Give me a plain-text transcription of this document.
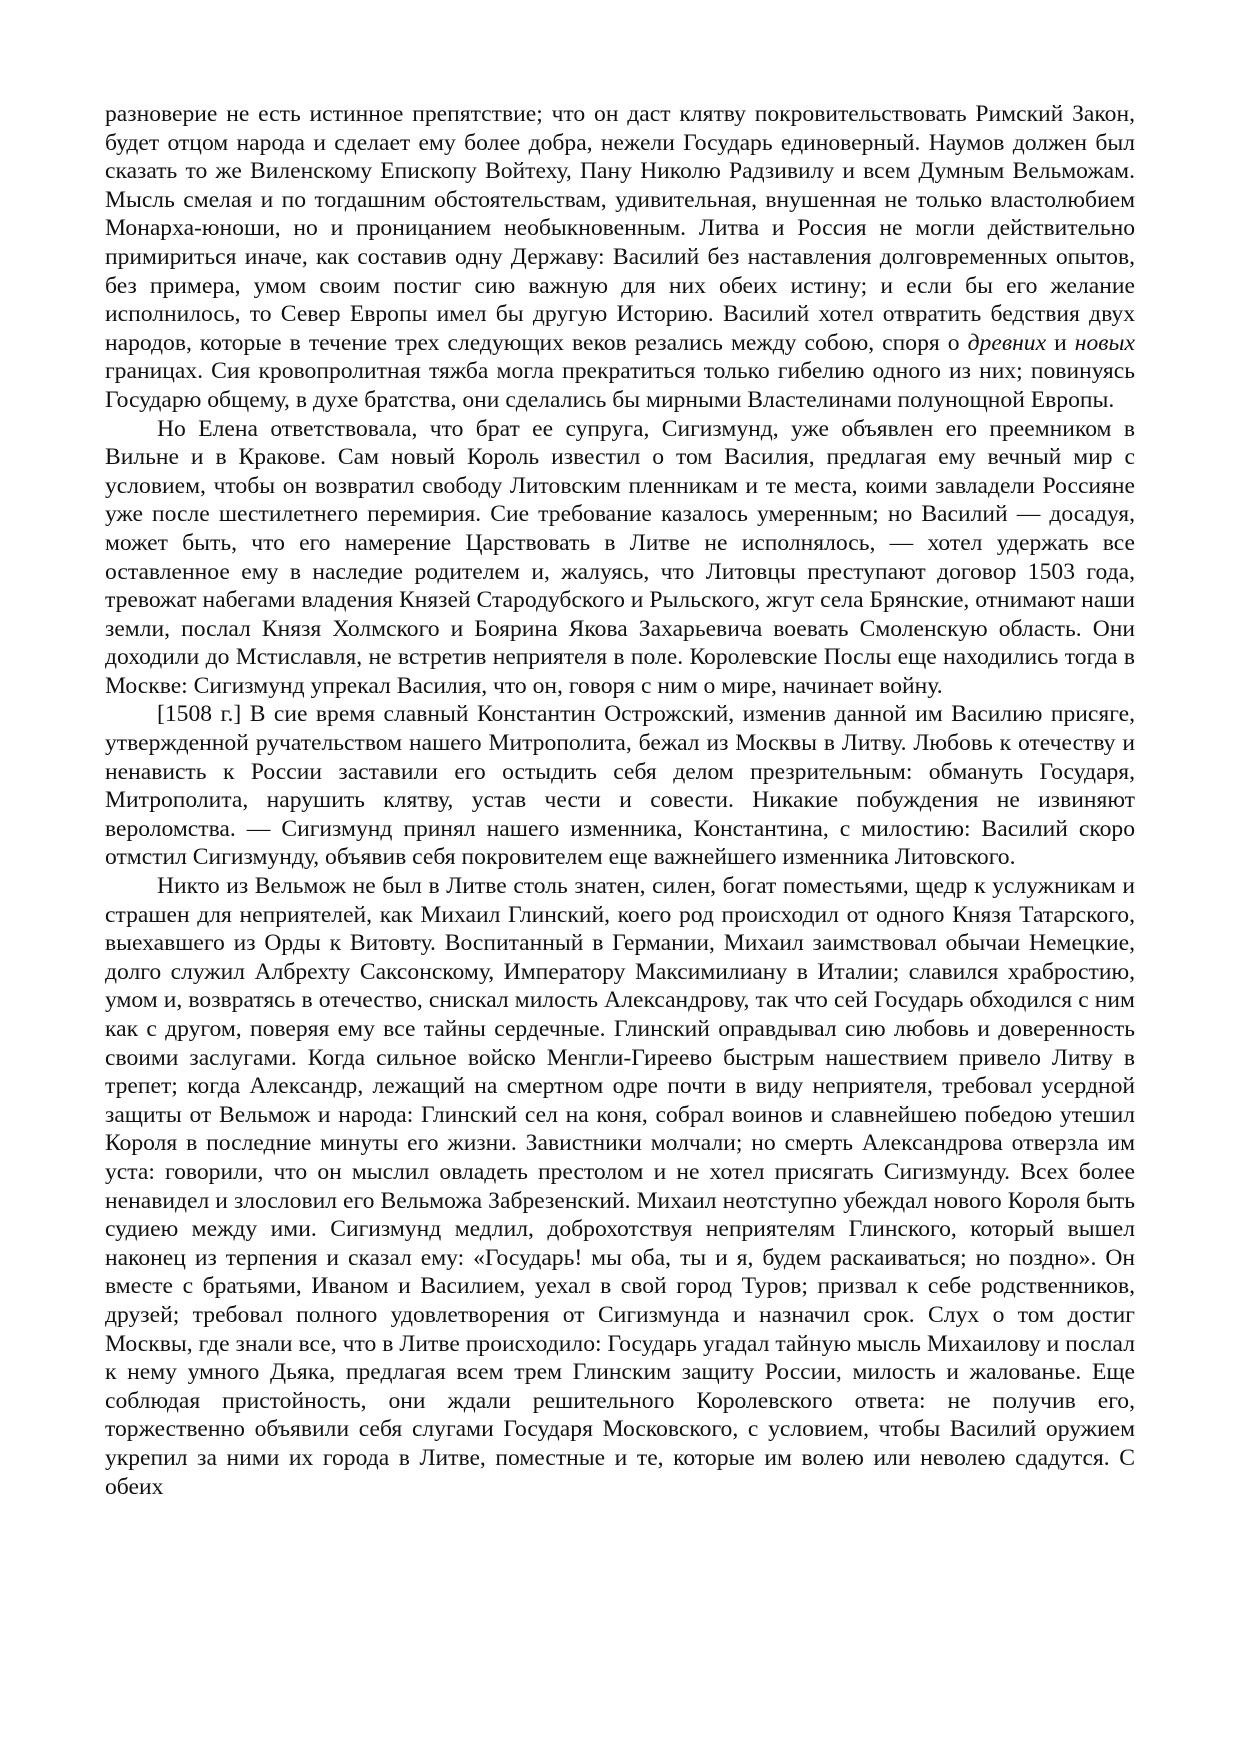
разноверие не есть истинное препятствие; что он даст клятву покровительствовать Римский Закон, будет отцом народа и сделает ему более добра, нежели Государь единоверный. Наумов должен был сказать то же Виленскому Епископу Войтеху, Пану Николю Радзивилу и всем Думным Вельможам. Мысль смелая и по тогдашним обстоятельствам, удивительная, внушенная не только властолюбием Монарха-юноши, но и проницанием необыкновенным. Литва и Россия не могли действительно примириться иначе, как составив одну Державу: Василий без наставления долговременных опытов, без примера, умом своим постиг сию важную для них обеих истину; и если бы его желание исполнилось, то Север Европы имел бы другую Историю. Василий хотел отвратить бедствия двух народов, которые в течение трех следующих веков резались между собою, споря о древних и новых границах. Сия кровопролитная тяжба могла прекратиться только гибелию одного из них; повинуясь Государю общему, в духе братства, они сделались бы мирными Властелинами полунощной Европы.

Но Елена ответствовала, что брат ее супруга, Сигизмунд, уже объявлен его преемником в Вильне и в Кракове. Сам новый Король известил о том Василия, предлагая ему вечный мир с условием, чтобы он возвратил свободу Литовским пленникам и те места, коими завладели Россияне уже после шестилетнего перемирия. Сие требование казалось умеренным; но Василий — досадуя, может быть, что его намерение Царствовать в Литве не исполнялось, — хотел удержать все оставленное ему в наследие родителем и, жалуясь, что Литовцы преступают договор 1503 года, тревожат набегами владения Князей Стародубского и Рыльского, жгут села Брянские, отнимают наши земли, послал Князя Холмского и Боярина Якова Захарьевича воевать Смоленскую область. Они доходили до Мстиславля, не встретив неприятеля в поле. Королевские Послы еще находились тогда в Москве: Сигизмунд упрекал Василия, что он, говоря с ним о мире, начинает войну.

[1508 г.] В сие время славный Константин Острожский, изменив данной им Василию присяге, утвержденной ручательством нашего Митрополита, бежал из Москвы в Литву. Любовь к отечеству и ненависть к России заставили его остыдить себя делом презрительным: обмануть Государя, Митрополита, нарушить клятву, устав чести и совести. Никакие побуждения не извиняют вероломства. — Сигизмунд принял нашего изменника, Константина, с милостию: Василий скоро отмстил Сигизмунду, объявив себя покровителем еще важнейшего изменника Литовского.

Никто из Вельмож не был в Литве столь знатен, силен, богат поместьями, щедр к услужникам и страшен для неприятелей, как Михаил Глинский, коего род происходил от одного Князя Татарского, выехавшего из Орды к Витовту. Воспитанный в Германии, Михаил заимствовал обычаи Немецкие, долго служил Албрехту Саксонскому, Императору Максимилиану в Италии; славился храбростию, умом и, возвратясь в отечество, снискал милость Александрову, так что сей Государь обходился с ним как с другом, поверяя ему все тайны сердечные. Глинский оправдывал сию любовь и доверенность своими заслугами. Когда сильное войско Менгли-Гиреево быстрым нашествием привело Литву в трепет; когда Александр, лежащий на смертном одре почти в виду неприятеля, требовал усердной защиты от Вельмож и народа: Глинский сел на коня, собрал воинов и славнейшею победою утешил Короля в последние минуты его жизни. Завистники молчали; но смерть Александрова отверзла им уста: говорили, что он мыслил овладеть престолом и не хотел присягать Сигизмунду. Всех более ненавидел и злословил его Вельможа Забрезенский. Михаил неотступно убеждал нового Короля быть судиею между ими. Сигизмунд медлил, доброхотствуя неприятелям Глинского, который вышел наконец из терпения и сказал ему: «Государь! мы оба, ты и я, будем раскаиваться; но поздно». Он вместе с братьями, Иваном и Василием, уехал в свой город Туров; призвал к себе родственников, друзей; требовал полного удовлетворения от Сигизмунда и назначил срок. Слух о том достиг Москвы, где знали все, что в Литве происходило: Государь угадал тайную мысль Михаилову и послал к нему умного Дьяка, предлагая всем трем Глинским защиту России, милость и жалованье. Еще соблюдая пристойность, они ждали решительного Королевского ответа: не получив его, торжественно объявили себя слугами Государя Московского, с условием, чтобы Василий оружием укрепил за ними их города в Литве, поместные и те, которые им волею или неволею сдадутся. С обеих
